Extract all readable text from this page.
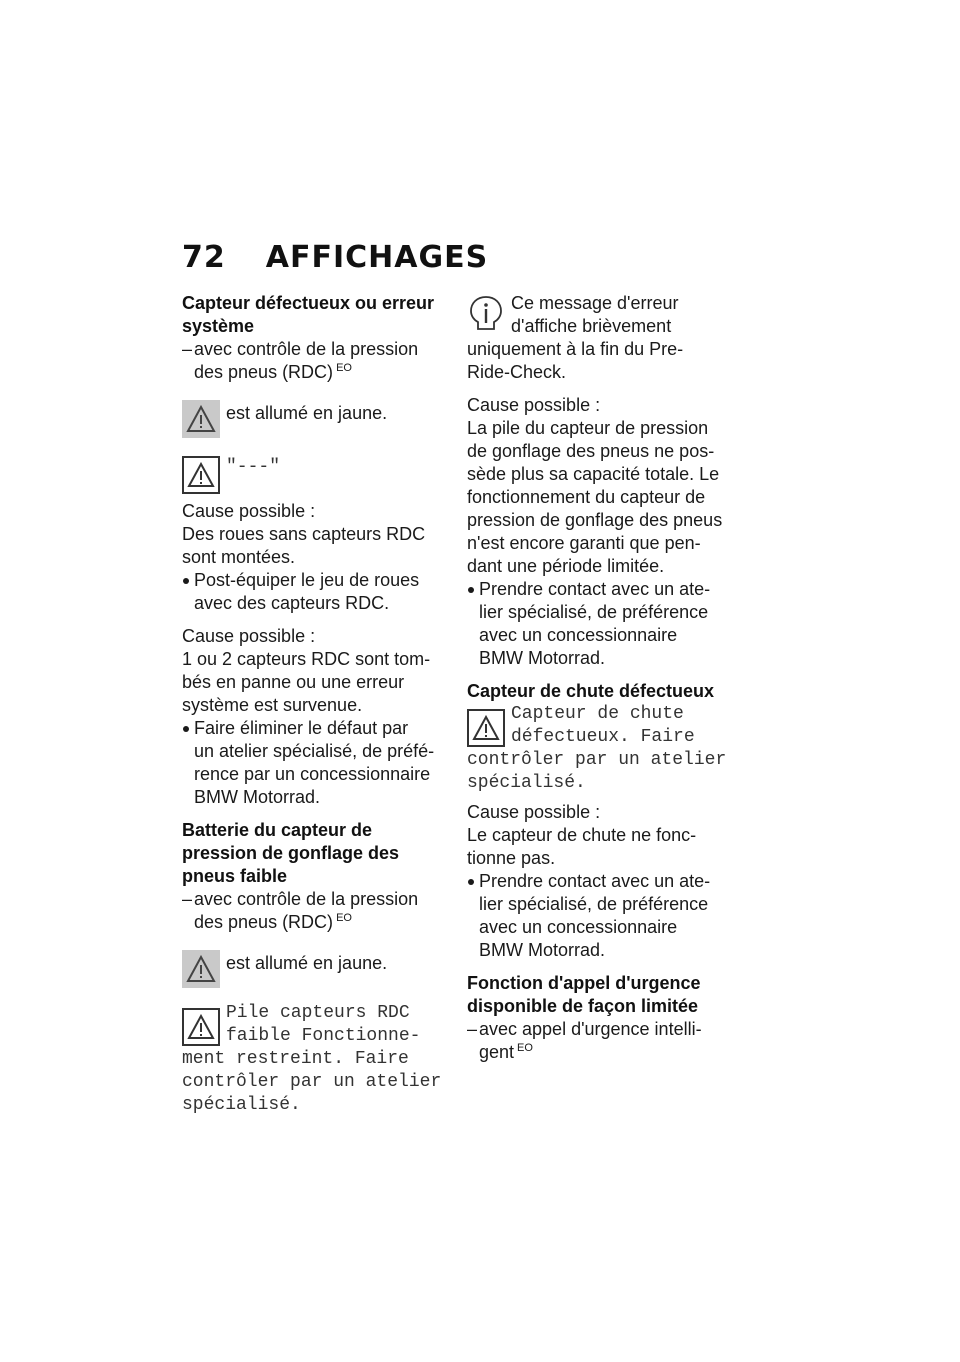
72 AFFICHAGES
Capteur défectueux ou erreur
système
– avec contrôle de la pression
des pneus (RDC) $^{EO}$
est allumé en jaune.
"---"
Cause possible :
Des roues sans capteurs RDC
sont montées.
Post-équiper le jeu de roues
avec des capteurs RDC.
Cause possible :
1 ou 2 capteurs RDC sont tom-
bés en panne ou une erreur
système est survenue.
Faire éliminer le défaut par
un atelier spécialisé, de préfé-
rence par un concessionnaire
BMW Motorrad.
Batterie du capteur de
pression de gonflage des
pneus faible
– avec contrôle de la pression
des pneus (RDC) $^{EO}$
est allumé en jaune.
Pile capteurs RDC
faible Fonctionne-
ment restreint. Faire
contrôler par un atelier
spécialisé.
Ce message d'erreur
d'affiche brièvement
uniquement à la fin du Pre-
Ride-Check.
Cause possible :
La pile du capteur de pression
de gonflage des pneus ne pos-
sède plus sa capacité totale. Le
fonctionnement du capteur de
pression de gonflage des pneus
n'est encore garanti que pen-
dant une période limitée.
Prendre contact avec un ate-
lier spécialisé, de préférence
avec un concessionnaire
BMW Motorrad.
Capteur de chute défectueux
Capteur de chute
défectueux. Faire
contrôler par un atelier
spécialisé.
Cause possible :
Le capteur de chute ne fonc-
tionne pas.
Prendre contact avec un ate-
lier spécialisé, de préférence
avec un concessionnaire
BMW Motorrad.
Fonction d'appel d'urgence
disponible de façon limitée
– avec appel d'urgence intelli-
gent $^{EO}$
